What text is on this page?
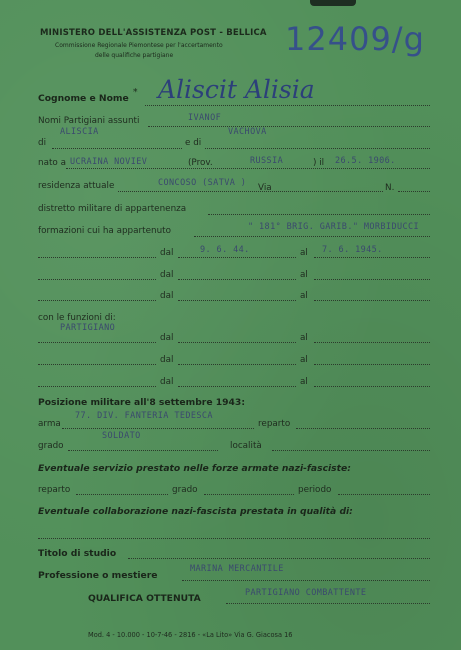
MINISTERO DELL'ASSISTENZA POST - BELLICA
Commissione Regionale Piemontese per l'accertamento
delle qualifiche partigiane
*
12409/g
Cognome e Nome Aliscit Alisia
Nomi Partigiani assunti	IVANOF
di
ALISCIA
e di
VACHOVA
nato a UCRAINA NOVIEV	(Prov.	RUSSIA	) il 26.5. 1906.
residenza attuale	CONCOSO (SATVA ) Via	N.
distretto militare di appartenenza
formazioni cui ha appartenuto	" 181° BRIG. GARIB." MORBIDUCCI
dal	9. 6. 44.	al 7. 6. 1945.
dal	al
dal	al
con le funzioni di:
PARTIGIANO
dal	al
dal	al
dal	al
Posizione militare all'8 settembre 1943:
arma
77. DIV. FANTERIA TEDESCA
reparto
grado
SOLDATO
località
Eventuale servizio prestato nelle forze armate nazi-fasciste:
reparto	grado	periodo
Eventuale collaborazione nazi-fascista prestata in qualità di:
Titolo di studio
Professione o mestiere
MARINA MERCANTILE
QUALIFICA OTTENUTA	PARTIGIANO COMBATTENTE
Mod. 4 - 10.000 - 10-7-46 - 2816 - «La Lito» Via G. Giacosa 16
